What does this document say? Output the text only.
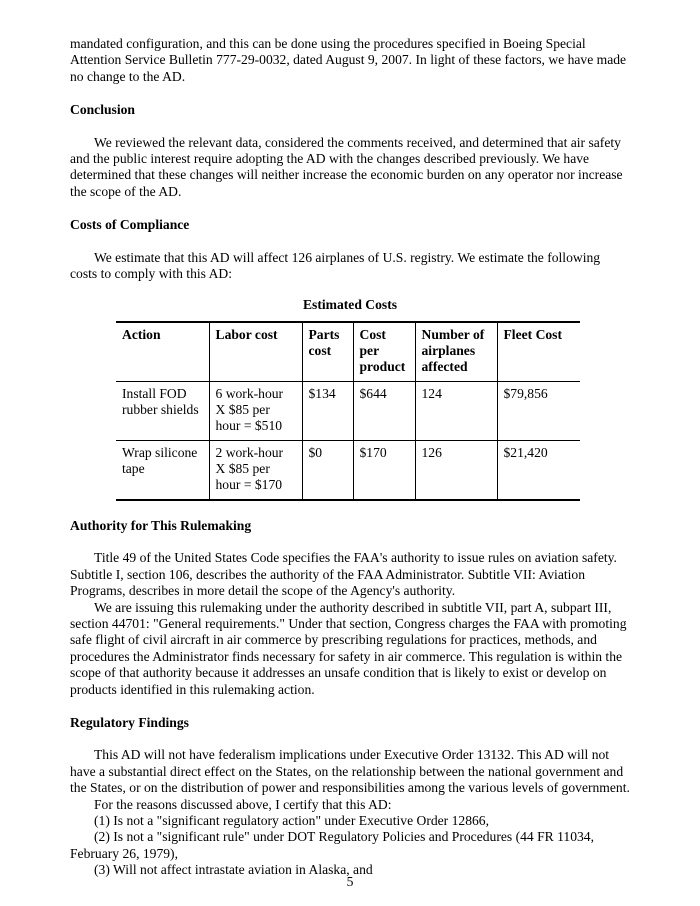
mandated configuration, and this can be done using the procedures specified in Boeing Special Attention Service Bulletin 777-29-0032, dated August 9, 2007. In light of these factors, we have made no change to the AD.

Conclusion

We reviewed the relevant data, considered the comments received, and determined that air safety and the public interest require adopting the AD with the changes described previously. We have determined that these changes will neither increase the economic burden on any operator nor increase the scope of the AD.

Costs of Compliance

We estimate that this AD will affect 126 airplanes of U.S. registry. We estimate the following costs to comply with this AD:

Estimated Costs

Action	Labor cost	Parts cost	Cost per product	Number of airplanes affected	Fleet Cost
Install FOD rubber shields	6 work-hour X $85 per hour = $510	$134	$644	124	$79,856
Wrap silicone tape	2 work-hour X $85 per hour = $170	$0	$170	126	$21,420

Authority for This Rulemaking

Title 49 of the United States Code specifies the FAA's authority to issue rules on aviation safety. Subtitle I, section 106, describes the authority of the FAA Administrator. Subtitle VII: Aviation Programs, describes in more detail the scope of the Agency's authority.

We are issuing this rulemaking under the authority described in subtitle VII, part A, subpart III, section 44701: "General requirements." Under that section, Congress charges the FAA with promoting safe flight of civil aircraft in air commerce by prescribing regulations for practices, methods, and procedures the Administrator finds necessary for safety in air commerce. This regulation is within the scope of that authority because it addresses an unsafe condition that is likely to exist or develop on products identified in this rulemaking action.

Regulatory Findings

This AD will not have federalism implications under Executive Order 13132. This AD will not have a substantial direct effect on the States, on the relationship between the national government and the States, or on the distribution of power and responsibilities among the various levels of government.

For the reasons discussed above, I certify that this AD:

(1) Is not a "significant regulatory action" under Executive Order 12866,

(2) Is not a "significant rule" under DOT Regulatory Policies and Procedures (44 FR 11034, February 26, 1979),

(3) Will not affect intrastate aviation in Alaska, and

5
